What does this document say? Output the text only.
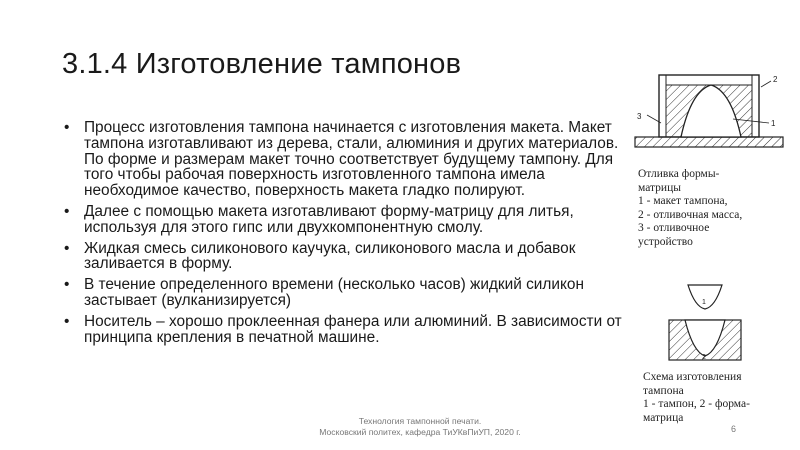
3.1.4 Изготовление тампонов
• Процесс изготовления тампона начинается с изготовления макета. Макет тампона изготавливают из дерева, стали, алюминия и других материалов. По форме и размерам макет точно соответствует будущему тампону. Для того чтобы рабочая поверхность изготовленного тампона имела необходимое качество, поверхность макета гладко полируют.
• Далее с помощью макета изготавливают форму-матрицу для литья, используя для этого гипс или двухкомпонентную смолу.
• Жидкая смесь силиконового каучука, силиконового масла и добавок заливается в форму.
• В течение определенного времени (несколько часов) жидкий силикон застывает (вулканизируется)
• Носитель – хорошо проклеенная фанера или алюминий. В зависимости от принципа крепления в печатной машине.
3
2
1
Отливка формы-
матрицы
1 - макет тампона,
2 - отливочная масса,
3 - отливочное
устройство
1
2
Схема изготовления
тампона
1 - тампон, 2 - форма-
матрица
Технология тампонной печати.
Московский политех, кафедра ТиУКвПиУП, 2020 г.	6
